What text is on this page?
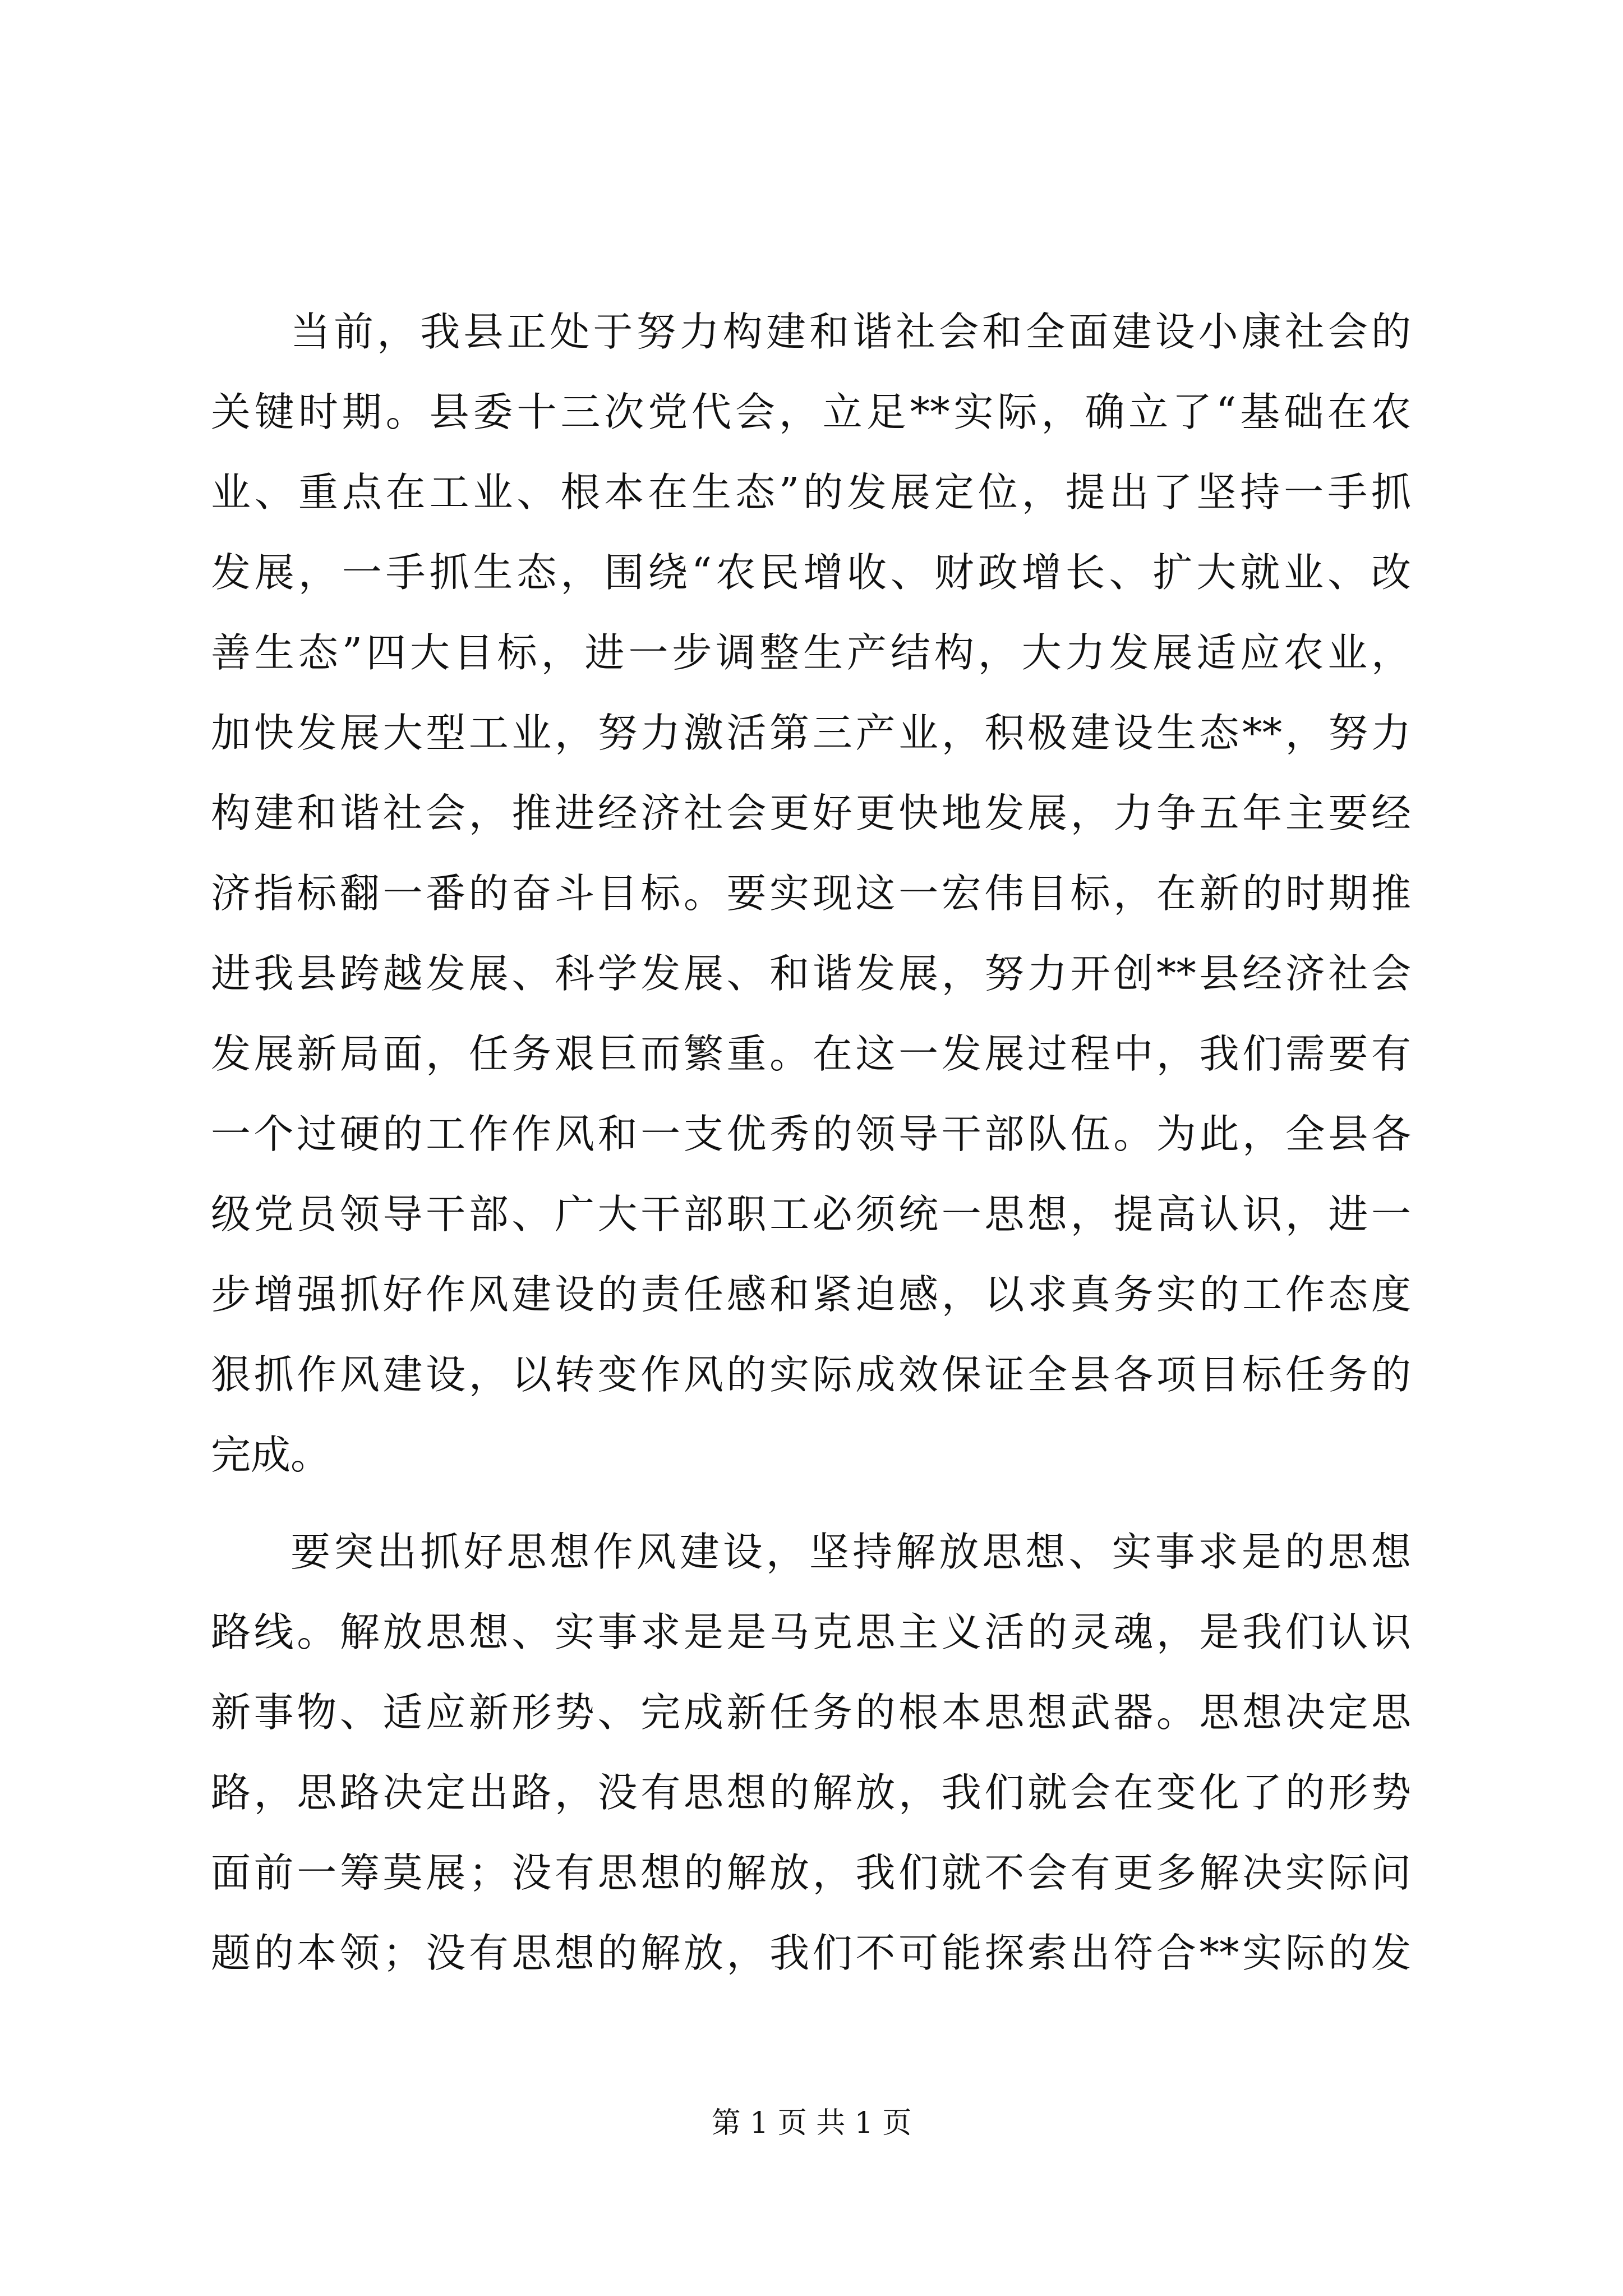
当前，我县正处于努力构建和谐社会和全面建设小康社会的
关键时期。县委十三次党代会，立足**实际，确立了“基础在农
业、重点在工业、根本在生态”的发展定位，提出了坚持一手抓
发展，一手抓生态，围绕“农民增收、财政增长、扩大就业、改
善生态”四大目标，进一步调整生产结构，大力发展适应农业，
加快发展大型工业，努力激活第三产业，积极建设生态**，努力
构建和谐社会，推进经济社会更好更快地发展，力争五年主要经
济指标翻一番的奋斗目标。要实现这一宏伟目标，在新的时期推
进我县跨越发展、科学发展、和谐发展，努力开创**县经济社会
发展新局面，任务艰巨而繁重。在这一发展过程中，我们需要有
一个过硬的工作作风和一支优秀的领导干部队伍。为此，全县各
级党员领导干部、广大干部职工必须统一思想，提高认识，进一
步增强抓好作风建设的责任感和紧迫感，以求真务实的工作态度
狠抓作风建设，以转变作风的实际成效保证全县各项目标任务的
完成。
要突出抓好思想作风建设，坚持解放思想、实事求是的思想
路线。解放思想、实事求是是马克思主义活的灵魂，是我们认识
新事物、适应新形势、完成新任务的根本思想武器。思想决定思
路，思路决定出路，没有思想的解放，我们就会在变化了的形势
面前一筹莫展；没有思想的解放，我们就不会有更多解决实际问
题的本领；没有思想的解放，我们不可能探索出符合**实际的发
第 1 页 共 1 页
